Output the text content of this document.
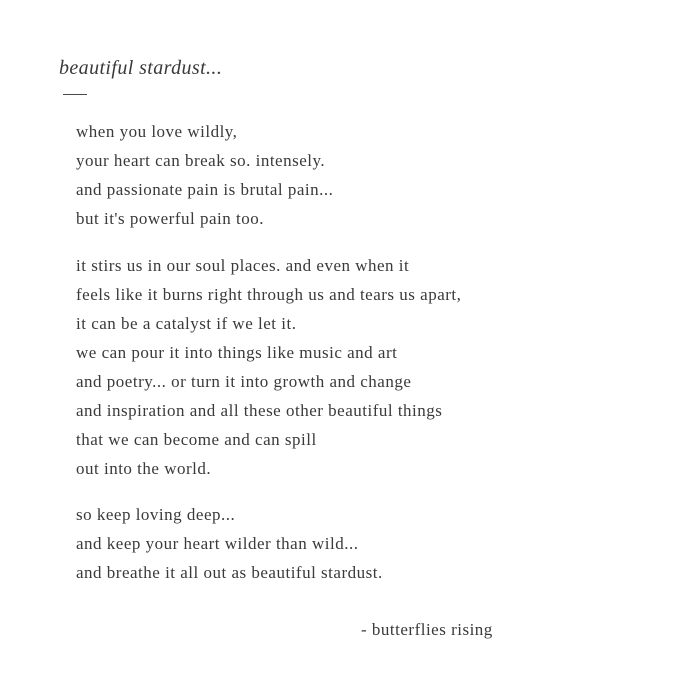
beautiful stardust...
when you love wildly,
your heart can break so. intensely.
and passionate pain is brutal pain...
but it's powerful pain too.
it stirs us in our soul places. and even when it
feels like it burns right through us and tears us apart,
it can be a catalyst if we let it.
we can pour it into things like music and art
and poetry... or turn it into growth and change
and inspiration and all these other beautiful things
that we can become and can spill
out into the world.
so keep loving deep...
and keep your heart wilder than wild...
and breathe it all out as beautiful stardust.
- butterflies rising
